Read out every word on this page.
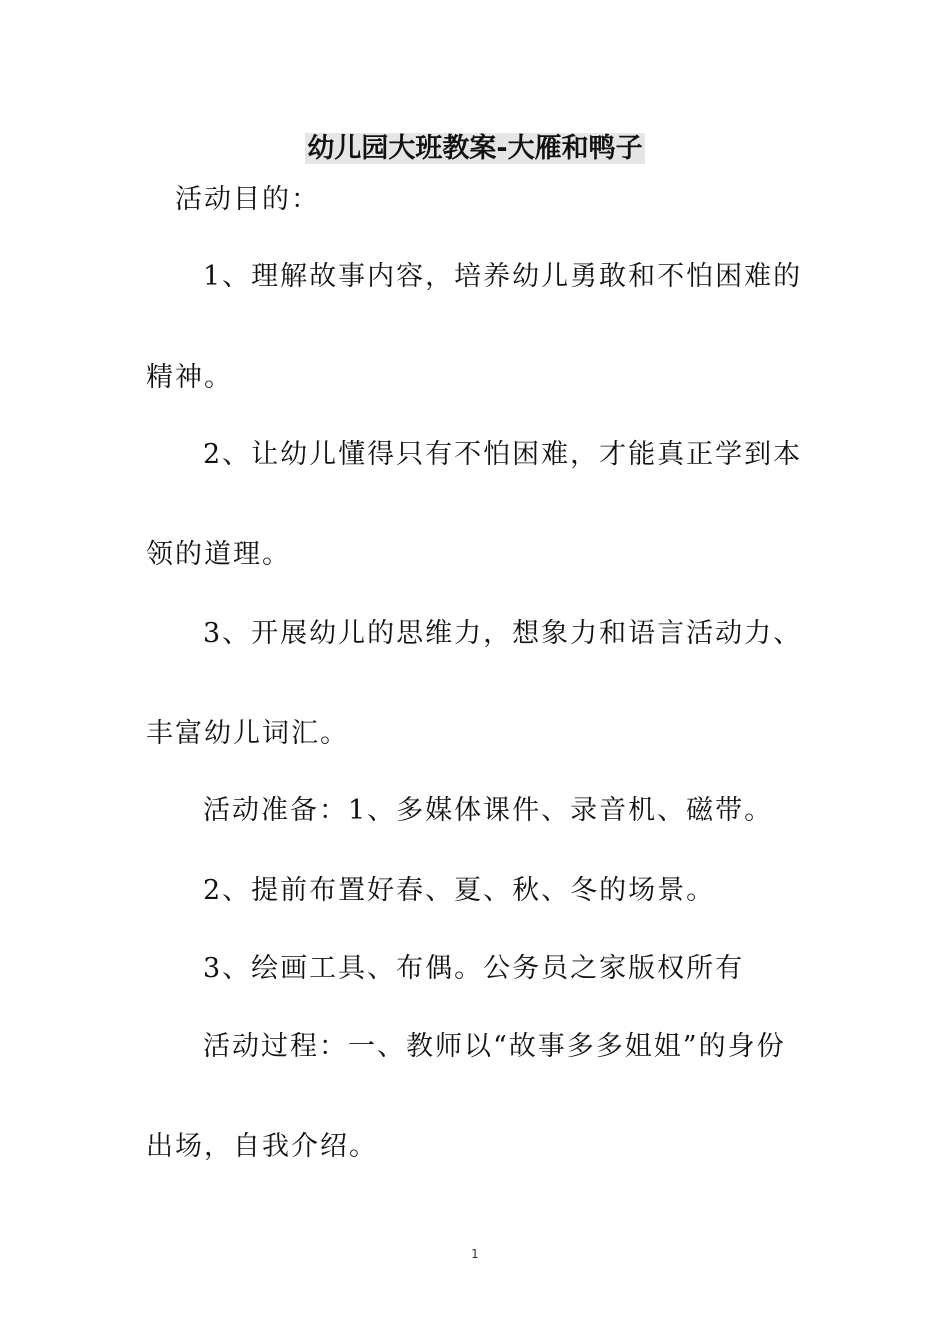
幼儿园大班教案-大雁和鸭子
活动目的：
1、理解故事内容，培养幼儿勇敢和不怕困难的
精神。
2、让幼儿懂得只有不怕困难，才能真正学到本
领的道理。
3、开展幼儿的思维力，想象力和语言活动力、
丰富幼儿词汇。
活动准备：1、多媒体课件、录音机、磁带。
2、提前布置好春、夏、秋、冬的场景。
3、绘画工具、布偶。公务员之家版权所有
活动过程：一、教师以“故事多多姐姐”的身份
出场，自我介绍。
1
